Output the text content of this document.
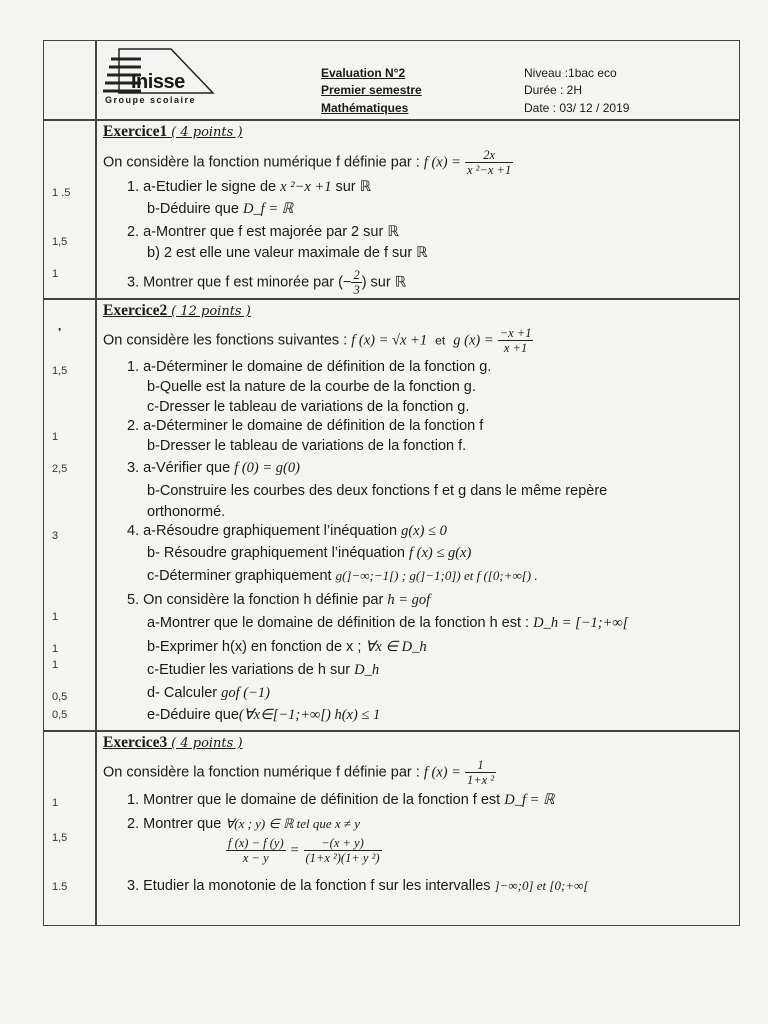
Inisse
Groupe scolaire
Evaluation N°2
Premier semestre
Mathématiques
Niveau :1bac eco
Durée : 2H
Date : 03/ 12 / 2019
Exercice1 ( 4 points )
On considère la fonction numérique f définie par : f $(x) = \frac{2x}{\text{x ²−x +1}}$
1. a-Etudier le signe de x ²−x +1 sur ℝ
b-Déduire que D_f = ℝ
2. a-Montrer que f est majorée par 2 sur ℝ
b) 2 est elle une valeur maximale de f sur ℝ
3. Montrer que f est minorée par (− $\frac{2}{3}$ ) sur ℝ
1 .5
1,5
1
Exercice2 ( 12 points )
On considère les fonctions suivantes : f (x) = √x +1 et g $(x) = \frac{-x +1}{x +1}$
❜
1. a-Déterminer le domaine de définition de la fonction g.
b-Quelle est la nature de la courbe de la fonction g.
c-Dresser le tableau de variations de la fonction g.
2. a-Déterminer le domaine de définition de la fonction f
b-Dresser le tableau de variations de la fonction f.
3. a-Vérifier que f (0) = g(0)
b-Construire les courbes des deux fonctions f et g dans le même repère
orthonormé.
4. a-Résoudre graphiquement l’inéquation g(x) ≤ 0
b- Résoudre graphiquement l’inéquation f (x) ≤ g(x)
c-Déterminer graphiquement g(]−∞;−1[) ; g(]−1;0]) et f ([0;+∞[) .
5. On considère la fonction h définie par h = gof
a-Montrer que le domaine de définition de la fonction h est : D_h = [−1;+∞[
b-Exprimer h(x) en fonction de x ; ∀x ∈ D_h
c-Etudier les variations de h sur D_h
d- Calculer gof (−1)
e-Déduire que(∀x∈[−1;+∞[) h(x) ≤ 1
1,5
1
2,5
3
1
1
1
0,5
0,5
Exercice3 ( 4 points )
On considère la fonction numérique f définie par : f $(x) = \frac{1}{\text{1+x ²}}$
1. Montrer que le domaine de définition de la fonction f est D_f = ℝ
2. Montrer que ∀(x ; y) ∈ ℝ tel que x ≠ y
$\frac{f (x) - f (y)}{x - y} = \frac{-(x + y)}{\text{(1+x ²)(1+ y ²)}}$
3. Etudier la monotonie de la fonction f sur les intervalles ]−∞;0] et [0;+∞[
1
1,5
1.5
